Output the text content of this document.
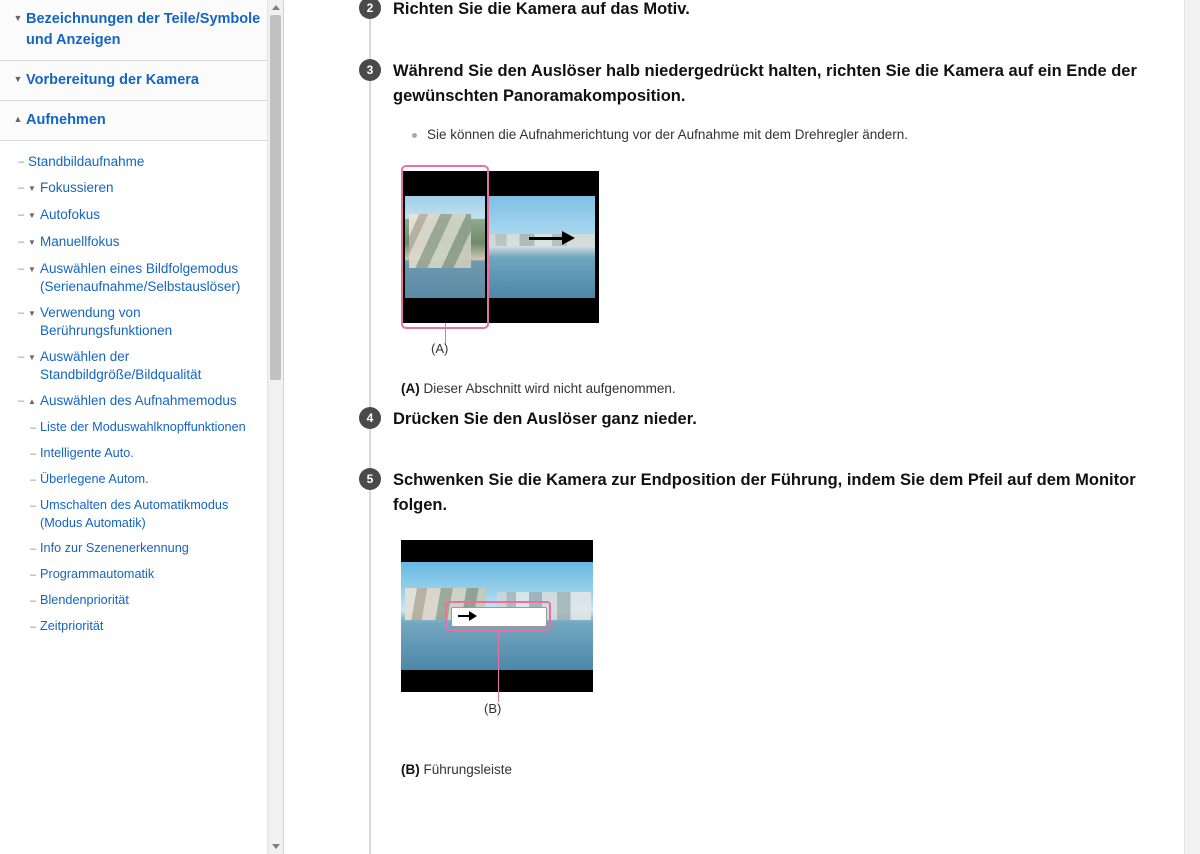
▼ Bezeichnungen der Teile/Symbole und Anzeigen
▼ Vorbereitung der Kamera
▲ Aufnehmen
– Standbildaufnahme
– ▼ Fokussieren
– ▼ Autofokus
– ▼ Manuellfokus
– ▼ Auswählen eines Bildfolgemodus (Serienaufnahme/Selbstauslöser)
– ▼ Verwendung von Berührungsfunktionen
– ▼ Auswählen der Standbildgröße/Bildqualität
– ▲ Auswählen des Aufnahmemodus
– Liste der Moduswahlknopffunktionen
– Intelligente Auto.
– Überlegene Autom.
– Umschalten des Automatikmodus (Modus Automatik)
– Info zur Szenenerkennung
– Programmautomatik
– Blendenpriorität
– Zeitpriorität
2	Richten Sie die Kamera auf das Motiv.
3	Während Sie den Auslöser halb niedergedrückt halten, richten Sie die Kamera auf ein Ende der gewünschten Panoramakomposition.
Sie können die Aufnahmerichtung vor der Aufnahme mit dem Drehregler ändern.
(A)
(A) Dieser Abschnitt wird nicht aufgenommen.
4	Drücken Sie den Auslöser ganz nieder.
5	Schwenken Sie die Kamera zur Endposition der Führung, indem Sie dem Pfeil auf dem Monitor folgen.
(B)
(B) Führungsleiste
